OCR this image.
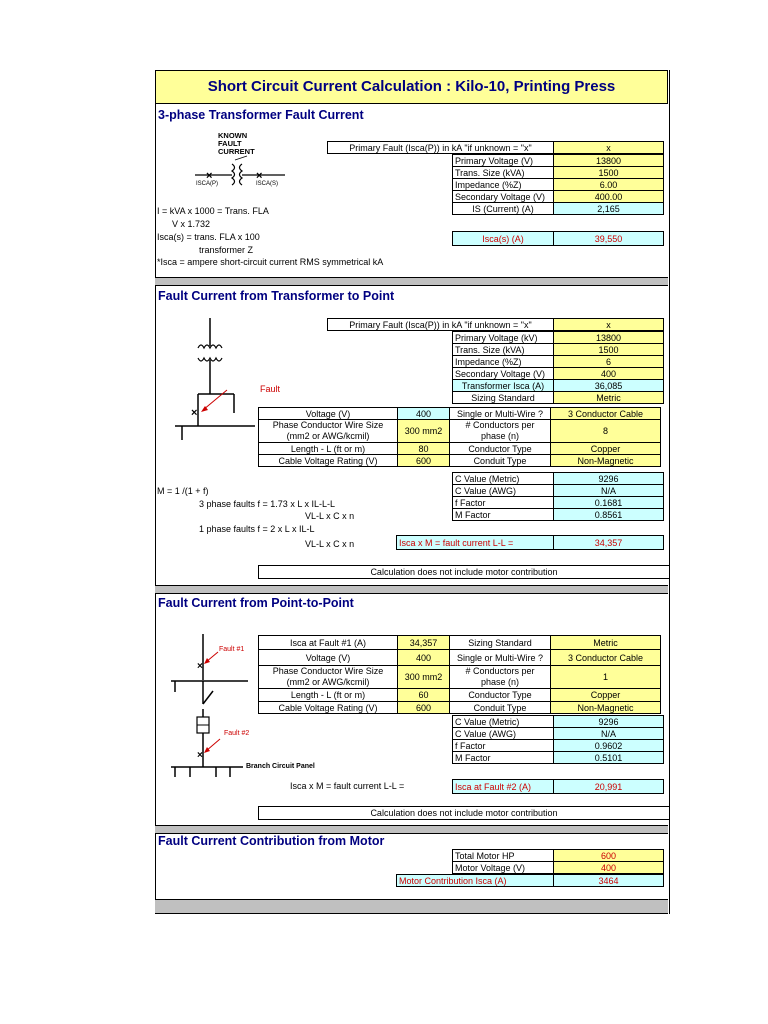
Short Circuit Current Calculation : Kilo-10, Printing Press
3-phase Transformer Fault Current
×	×
KNOWN
FAULT
CURRENT
ISCA(P)	ISCA(S)
Primary Fault (Isca(P)) in kA "if unknown = "x"	x
Primary Voltage (V)	13800
Trans. Size (kVA)	1500
Impedance (%Z)	6.00
Secondary Voltage (V)	400.00
IS (Current) (A)	2,165
Isca(s) (A)	39,550
I = kVA x 1000 = Trans. FLA
V x 1.732
Isca(s) = trans. FLA x 100
transformer Z
*Isca = ampere short-circuit current RMS symmetrical kA
Fault Current from Transformer to Point
×
Fault
Primary Fault (Isca(P)) in kA "if unknown = "x"	x
Primary Voltage (kV)	13800
Trans. Size (kVA)	1500
Impedance (%Z)	6
Secondary Voltage (V)	400
Transformer Isca (A)	36,085
Sizing Standard	Metric
Voltage (V)	400	Single or Multi-Wire ?	3 Conductor Cable
Phase Conductor Wire Size
(mm2 or AWG/kcmil)	300 mm2	# Conductors per
phase (n)	8
Length - L (ft or m)	80	Conductor Type	Copper
Cable Voltage Rating (V)	600	Conduit Type	Non-Magnetic
C Value (Metric)	9296
C Value (AWG)	N/A
f Factor	0.1681
M Factor	0.8561
M = 1 /(1 + f)
3 phase faults f = 1.73 x L x IL-L-L
VL-L x C x n
1 phase faults f = 2 x L x IL-L
VL-L x C x n	Isca x M = fault current L-L =	34,357
Calculation does not include motor contribution
Fault Current from Point-to-Point
×
×
Fault #1
Fault #2
Branch Circuit Panel
Isca at Fault #1 (A)	34,357	Sizing Standard	Metric
Voltage (V)	400	Single or Multi-Wire ?	3 Conductor Cable
Phase Conductor Wire Size
(mm2 or AWG/kcmil)	300 mm2	# Conductors per
phase (n)	1
Length - L (ft or m)	60	Conductor Type	Copper
Cable Voltage Rating (V)	600	Conduit Type	Non-Magnetic
C Value (Metric)	9296
C Value (AWG)	N/A
f Factor	0.9602
M Factor	0.5101
Isca x M = fault current L-L =	Isca at Fault #2 (A)	20,991
Calculation does not include motor contribution
Fault Current Contribution from Motor
Total Motor HP	600
Motor Voltage (V)	400
Motor Contribution Isca (A)	3464
